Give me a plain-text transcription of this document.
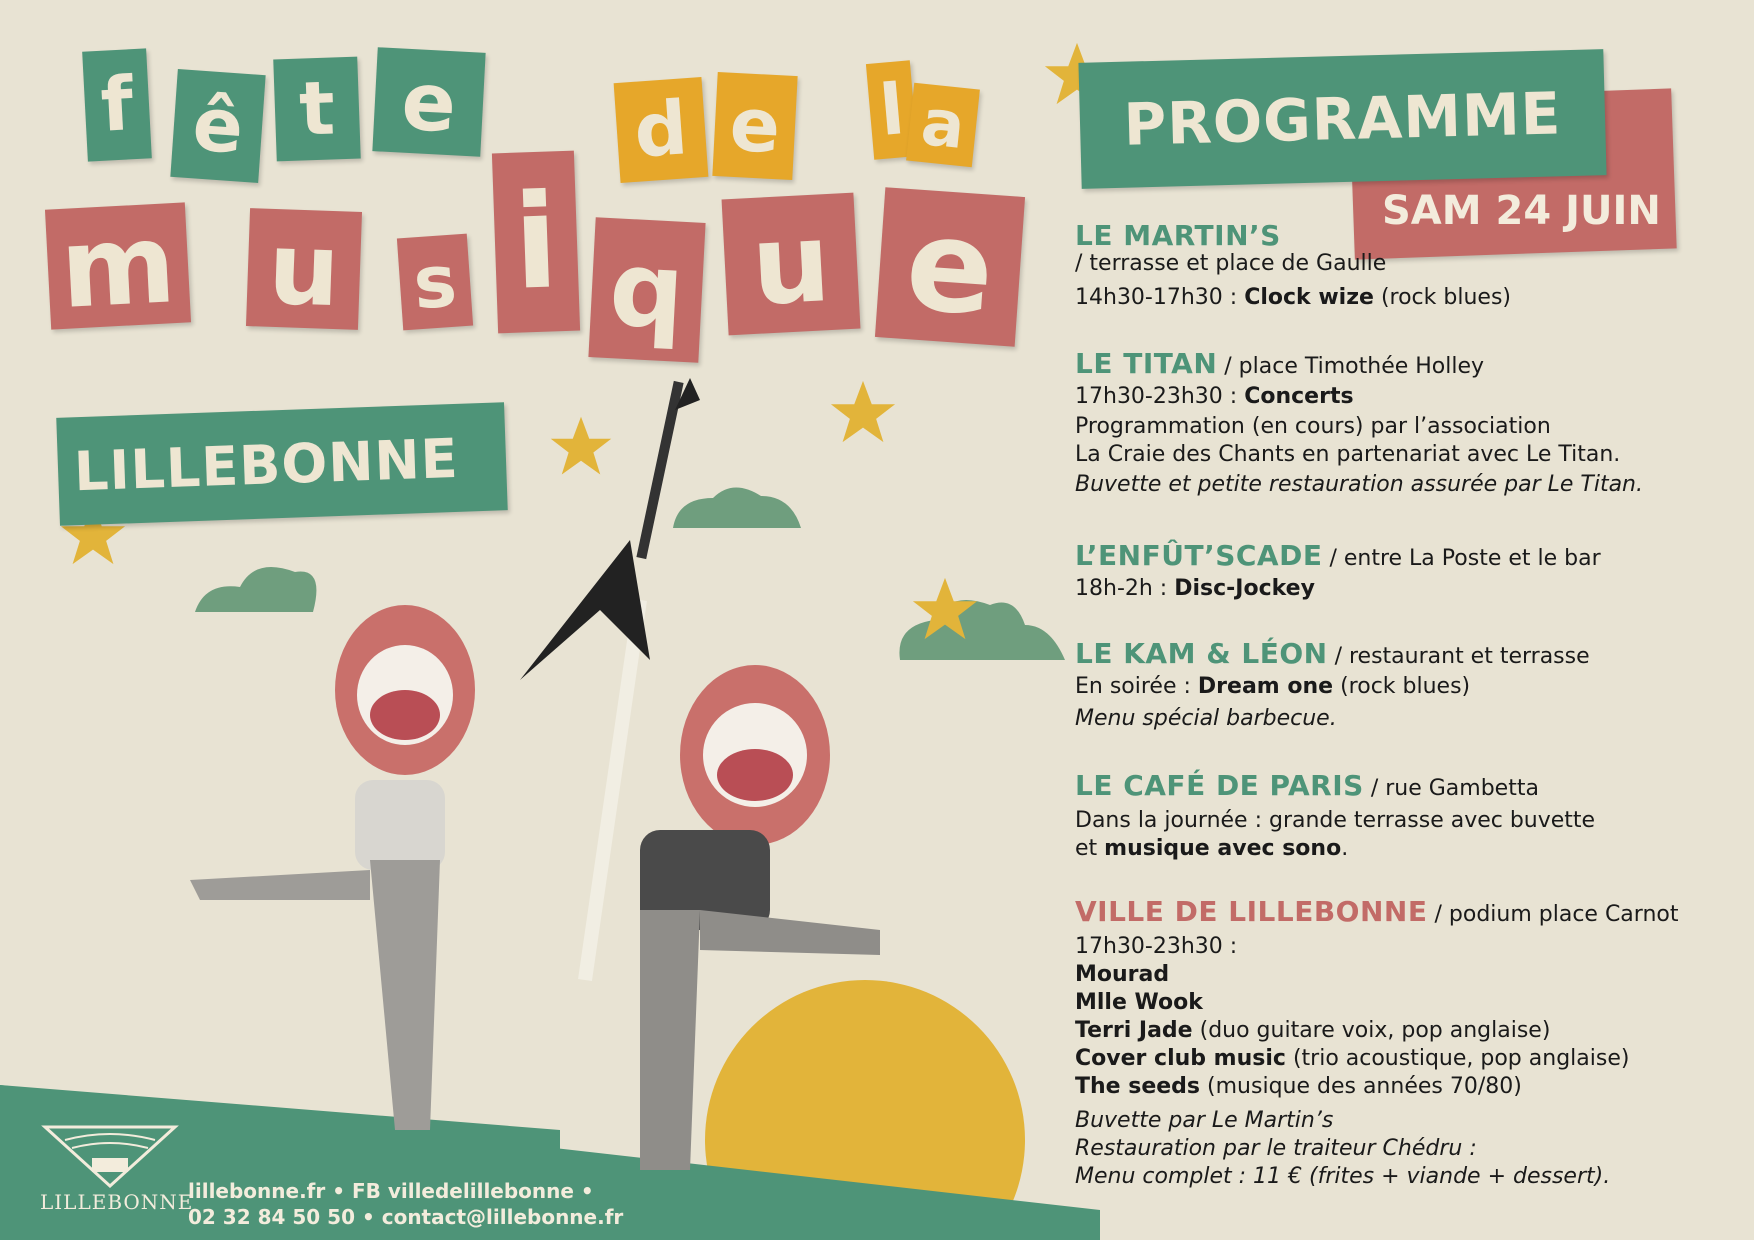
f ê t e	d e l a
m u s i q u e
LILLEBONNE
PROGRAMME
SAM 24 JUIN
LE MARTIN’S
/ terrasse et place de Gaulle
14h30-17h30 : Clock wize (rock blues)
LE TITAN / place Timothée Holley
17h30-23h30 : Concerts
Programmation (en cours) par l’association
La Craie des Chants en partenariat avec Le Titan.
Buvette et petite restauration assurée par Le Titan.
L’ENFÛT’SCADE / entre La Poste et le bar
18h-2h : Disc-Jockey
LE KAM & LÉON / restaurant et terrasse
En soirée : Dream one (rock blues)
Menu spécial barbecue.
LE CAFÉ DE PARIS / rue Gambetta
Dans la journée : grande terrasse avec buvette
et musique avec sono.
VILLE DE LILLEBONNE / podium place Carnot
17h30-23h30 :
Mourad
Mlle Wook
Terri Jade (duo guitare voix, pop anglaise)
Cover club music (trio acoustique, pop anglaise)
The seeds (musique des années 70/80)
Buvette par Le Martin’s
Restauration par le traiteur Chédru :
Menu complet : 11 € (frites + viande + dessert).
LILLEBONNE
lillebonne.fr • FB villedelillebonne •
02 32 84 50 50 • contact@lillebonne.fr
